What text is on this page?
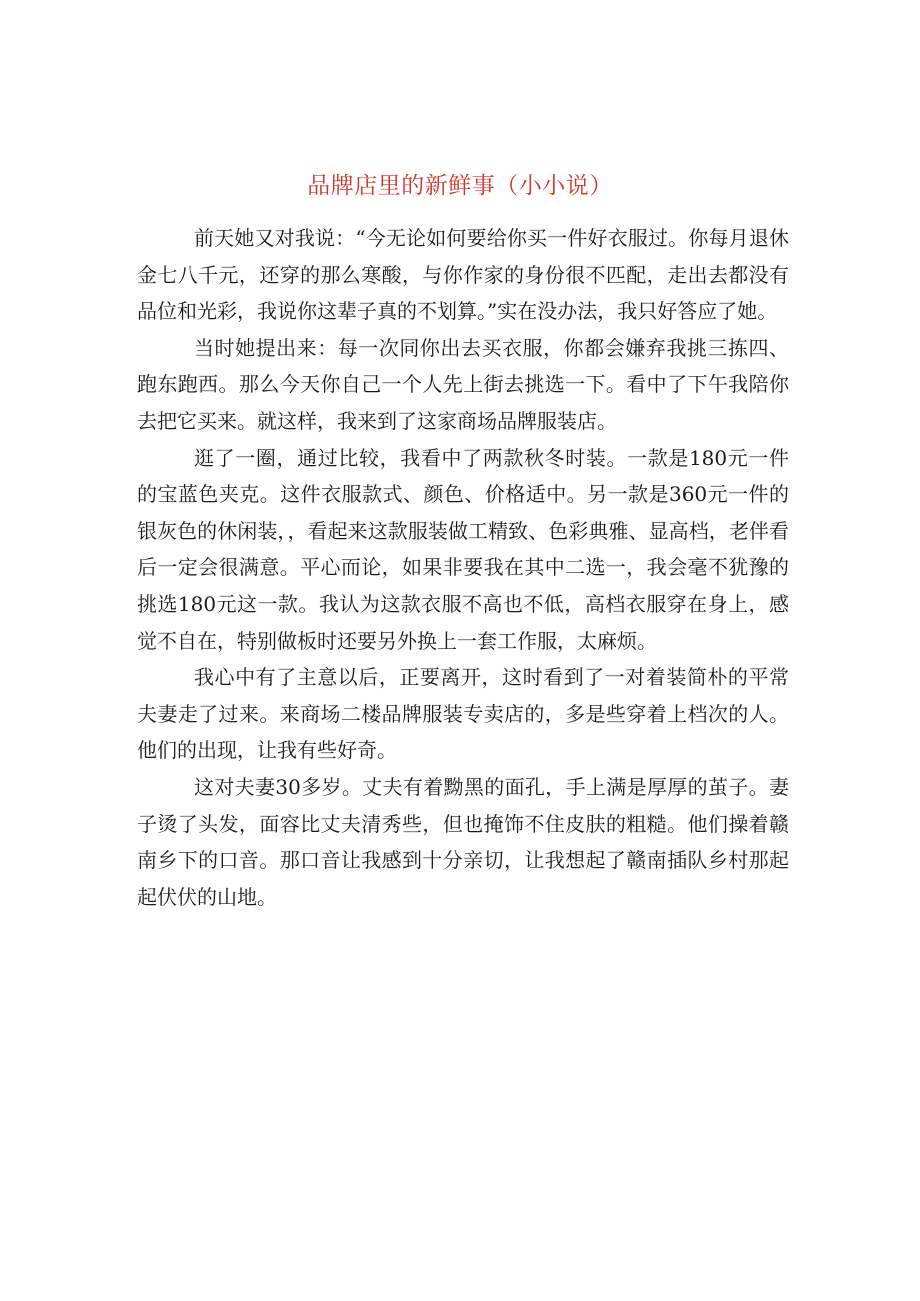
品牌店里的新鲜事（小小说）

前天她又对我说：“今无论如何要给你买一件好衣服过。你每月退休金七八千元，还穿的那么寒酸，与你作家的身份很不匹配，走出去都没有品位和光彩，我说你这辈子真的不划算。”实在没办法，我只好答应了她。

当时她提出来：每一次同你出去买衣服，你都会嫌弃我挑三拣四、跑东跑西。那么今天你自己一个人先上街去挑选一下。看中了下午我陪你去把它买来。就这样，我来到了这家商场品牌服装店。

逛了一圈，通过比较，我看中了两款秋冬时装。一款是180元一件的宝蓝色夹克。这件衣服款式、颜色、价格适中。另一款是360元一件的银灰色的休闲装，，看起来这款服装做工精致、色彩典雅、显高档，老伴看后一定会很满意。平心而论，如果非要我在其中二选一，我会毫不犹豫的挑选180元这一款。我认为这款衣服不高也不低，高档衣服穿在身上，感觉不自在，特别做板时还要另外换上一套工作服，太麻烦。

我心中有了主意以后，正要离开，这时看到了一对着装简朴的平常夫妻走了过来。来商场二楼品牌服装专卖店的，多是些穿着上档次的人。他们的出现，让我有些好奇。

这对夫妻30多岁。丈夫有着黝黑的面孔，手上满是厚厚的茧子。妻子烫了头发，面容比丈夫清秀些，但也掩饰不住皮肤的粗糙。他们操着赣南乡下的口音。那口音让我感到十分亲切，让我想起了赣南插队乡村那起起伏伏的山地。
